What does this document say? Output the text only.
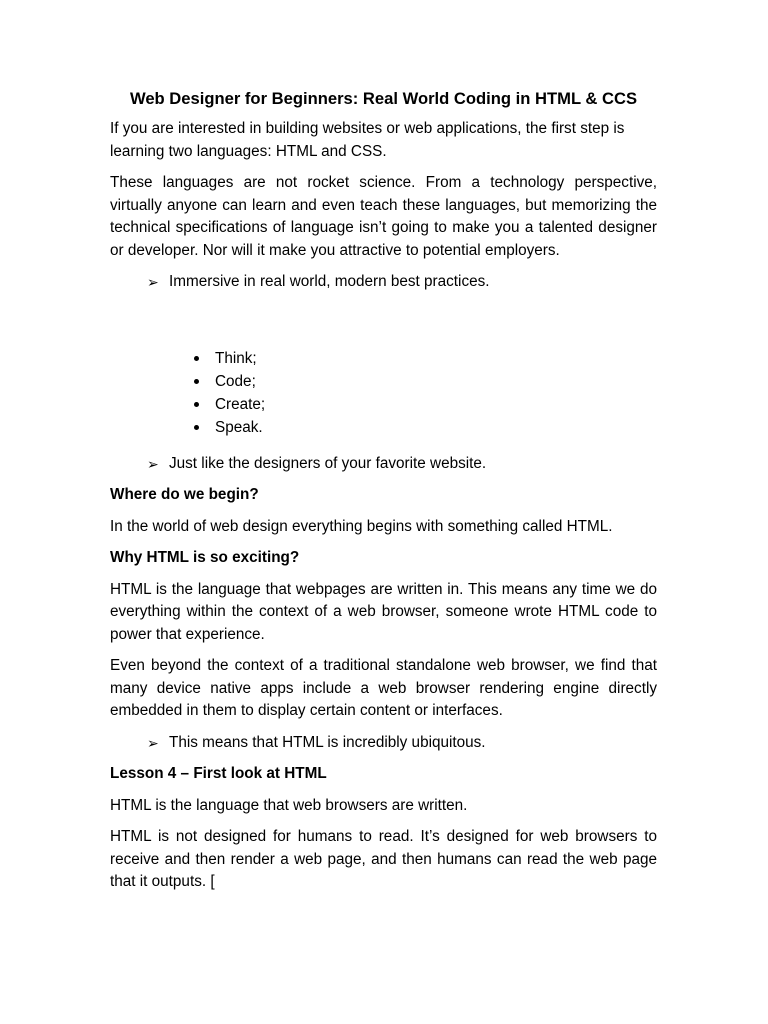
Web Designer for Beginners: Real World Coding in HTML & CCS

If you are interested in building websites or web applications, the first step is learning two languages: HTML and CSS.

These languages are not rocket science. From a technology perspective, virtually anyone can learn and even teach these languages, but memorizing the technical specifications of language isn’t going to make you a talented designer or developer. Nor will it make you attractive to potential employers.

➢ Immersive in real world, modern best practices.
Think;
Code;
Create;
Speak.
➢ Just like the designers of your favorite website.
Where do we begin?

In the world of web design everything begins with something called HTML.

Why HTML is so exciting?

HTML is the language that webpages are written in. This means any time we do everything within the context of a web browser, someone wrote HTML code to power that experience.

Even beyond the context of a traditional standalone web browser, we find that many device native apps include a web browser rendering engine directly embedded in them to display certain content or interfaces.

➢ This means that HTML is incredibly ubiquitous.
Lesson 4 – First look at HTML

HTML is the language that web browsers are written.

HTML is not designed for humans to read. It’s designed for web browsers to receive and then render a web page, and then humans can read the web page that it outputs. [
